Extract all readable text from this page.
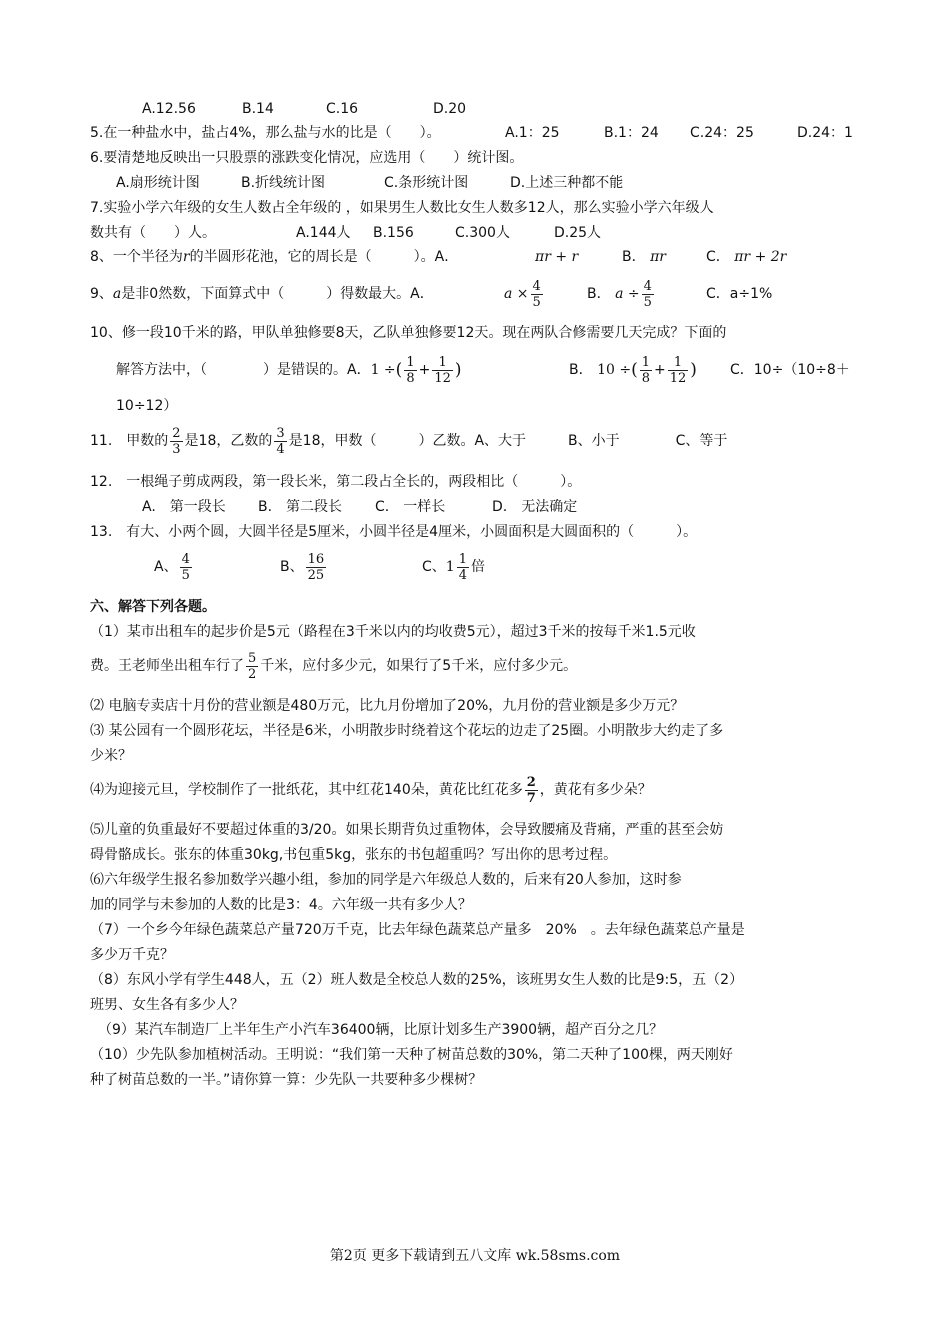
A.12.56	B.14	C.16	D.20
5.在一种盐水中，盐占4%，那么盐与水的比是（　　）。	A.1：25	B.1：24 C.24：25	D.24：1
6.要清楚地反映出一只股票的涨跌变化情况，应选用（　　）统计图。
A.扇形统计图	B.折线统计图	C.条形统计图	D.上述三种都不能
7.实验小学六年级的女生人数占全年级的 ，如果男生人数比女生人数多12人，那么实验小学六年级人
数共有（　　）人。	A.144人 B.156	C.300人	D.25人
8、一个半径为r的半圆形花池，它的周长是（　　　）。A．	πr + r	B． πr	C． πr + 2r
9、a是非0然数，下面算式中（　　　）得数最大。A．	$a \times \frac{4}{5}$	B． $a \div \frac{4}{5}$	C．a÷1%
10、修一段10千米的路，甲队单独修要8天，乙队单独修要12天。现在两队合修需要几天完成？下面的
解答方法中，（　　　　）是错误的。A．1 ÷( $\frac{1}{8} + \frac{1}{12}$ )	B． 10 ÷( $\frac{1}{8} + \frac{1}{12}$ ) C．10÷（10÷8＋
10÷12）
11.　甲数的 $\frac{2}{3}$ 是18，乙数的 $\frac{3}{4}$ 是18，甲数（　　　）乙数。A、大于　　　B、小于　　　　C、等于
12.　一根绳子剪成两段，第一段长米，第二段占全长的，两段相比（　　　）。
A.　第一段长 B.　第二段长 C.　一样长	D.　无法确定
13.　有大、小两个圆，大圆半径是5厘米，小圆半径是4厘米，小圆面积是大圆面积的（　　　）。
A、 $\frac{4}{5}$	B、 $\frac{16}{25}$	C、$1 \frac{1}{4}$ 倍
六、解答下列各题。
（1）某市出租车的起步价是5元（路程在3千米以内的均收费5元），超过3千米的按每千米1.5元收
费。王老师坐出租车行了 $\frac{5}{2}$ 千米，应付多少元，如果行了5千米，应付多少元。
⑵ 电脑专卖店十月份的营业额是480万元，比九月份增加了20%，九月份的营业额是多少万元？
⑶ 某公园有一个圆形花坛，半径是6米，小明散步时绕着这个花坛的边走了25圈。小明散步大约走了多
少米？
⑷为迎接元旦，学校制作了一批纸花，其中红花140朵，黄花比红花多 $\frac{2}{7}$ ，黄花有多少朵？
⑸儿童的负重最好不要超过体重的3/20。如果长期背负过重物体，会导致腰痛及背痛，严重的甚至会妨
碍骨骼成长。张东的体重30kg,书包重5kg，张东的书包超重吗？写出你的思考过程。
⑹六年级学生报名参加数学兴趣小组，参加的同学是六年级总人数的，后来有20人参加，这时参
加的同学与未参加的人数的比是3：4。六年级一共有多少人？
（7）一个乡今年绿色蔬菜总产量720万千克，比去年绿色蔬菜总产量多　20%　。去年绿色蔬菜总产量是
多少万千克？
（8）东风小学有学生448人，五（2）班人数是全校总人数的25%，该班男女生人数的比是9:5，五（2）
班男、女生各有多少人？
（9）某汽车制造厂上半年生产小汽车36400辆，比原计划多生产3900辆，超产百分之几？
（10）少先队参加植树活动。王明说：“我们第一天种了树苗总数的30%，第二天种了100棵，两天刚好
种了树苗总数的一半。”请你算一算：少先队一共要种多少棵树？
第2页 更多下载请到五八文库 wk.58sms.com
